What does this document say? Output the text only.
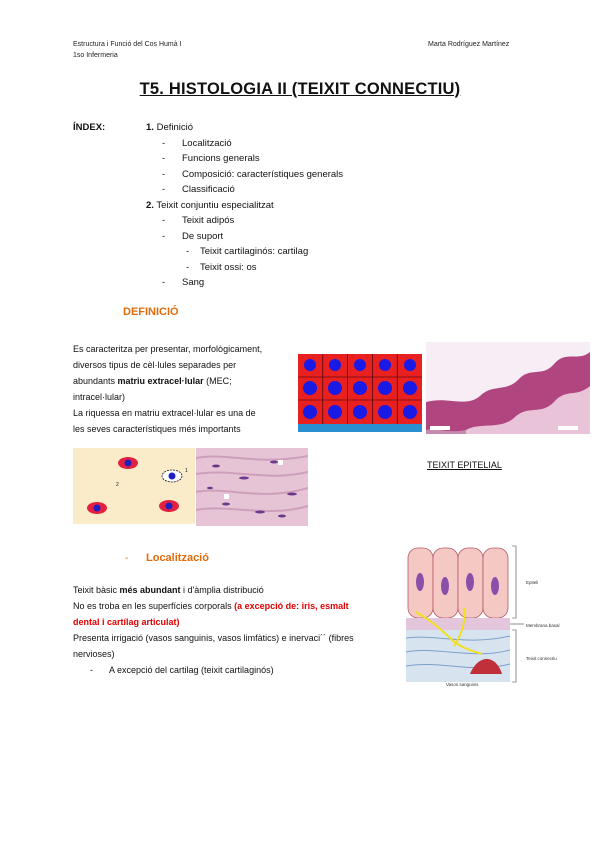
Estructura i Funció del Cos Humà I
1so Infermeria
Marta Rodríguez Martínez
T5. HISTOLOGIA II (TEIXIT CONNECTIU)
ÍNDEX:	1. Definició
- Localització
- Funcions generals
- Composició: característiques generals
- Classificació
2. Teixit conjuntiu especialitzat
- Teixit adipós
- De suport
- Teixit cartilaginós: cartilag
- Teixit ossi: os
- Sang
DEFINICIÓ
Es caracteritza per presentar, morfològicament,
diversos tipus de cèl·lules separades per
abundants matriu extracel·lular (MEC;
intracel·lular)
La riquessa en matriu extracel·lular es una de
les seves característiques més importants
1
2
TEIXIT EPITELIAL
- Localització
Teixit bàsic més abundant i d'àmplia distribució
No es troba en les superfícies corporals (a excepció de: iris, esmalt
dental i cartílag articulat)
Presenta irrigació (vasos sanguinis, vasos limfàtics) e inervaci´´ (fibres
nervioses)
- A excepció del cartilag (teixit cartilaginós)
Epiteli
Membrana basal
Teixit connectiu
Vasos sanguinis
